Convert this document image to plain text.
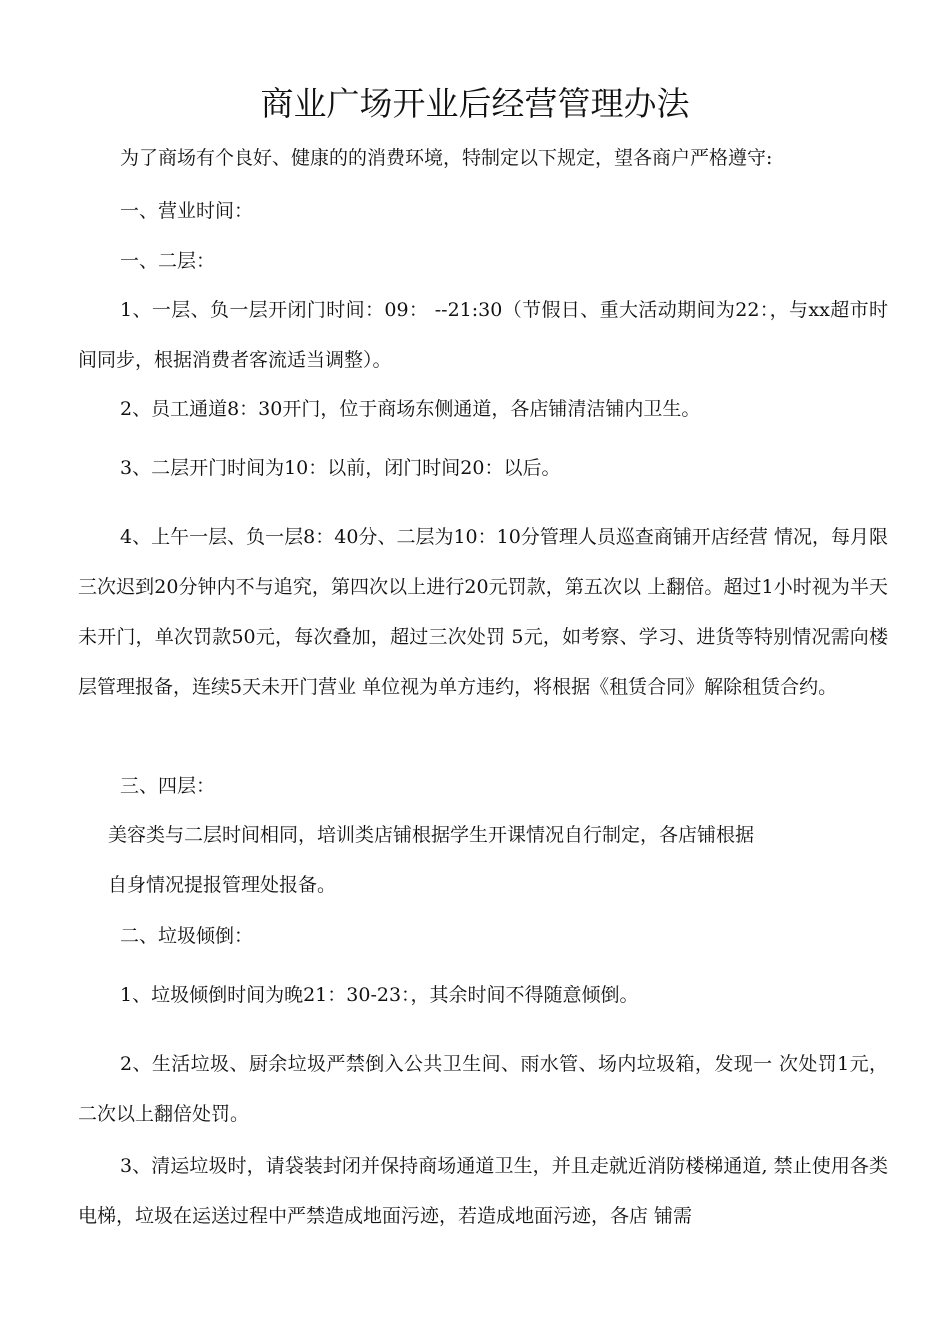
商业广场开业后经营管理办法

为了商场有个良好、健康的的消费环境，特制定以下规定，望各商户严格遵守:

一、营业时间：

一、二层：

1、一层、负一层开闭门时间：09： --21:30（节假日、重大活动期间为22：，与xx超市时间同步，根据消费者客流适当调整）。

2、员工通道8：30开门，位于商场东侧通道，各店铺清洁铺内卫生。

3、二层开门时间为10：以前，闭门时间20：以后。

4、上午一层、负一层8：40分、二层为10：10分管理人员巡查商铺开店经营 情况，每月限三次迟到20分钟内不与追究，第四次以上进行20元罚款，第五次以 上翻倍。超过1小时视为半天未开门，单次罚款50元，每次叠加，超过三次处罚 5元，如考察、学习、进货等特别情况需向楼层管理报备，连续5天未开门营业 单位视为单方违约，将根据《租赁合同》解除租赁合约。

三、四层：

美容类与二层时间相同，培训类店铺根据学生开课情况自行制定，各店铺根据

自身情况提报管理处报备。

二、垃圾倾倒：

1、垃圾倾倒时间为晚21：30-23：，其余时间不得随意倾倒。

2、生活垃圾、厨余垃圾严禁倒入公共卫生间、雨水管、场内垃圾箱，发现一 次处罚1元，二次以上翻倍处罚。

3、清运垃圾时，请袋装封闭并保持商场通道卫生，并且走就近消防楼梯通道, 禁止使用各类电梯，垃圾在运送过程中严禁造成地面污迹，若造成地面污迹，各店 铺需
